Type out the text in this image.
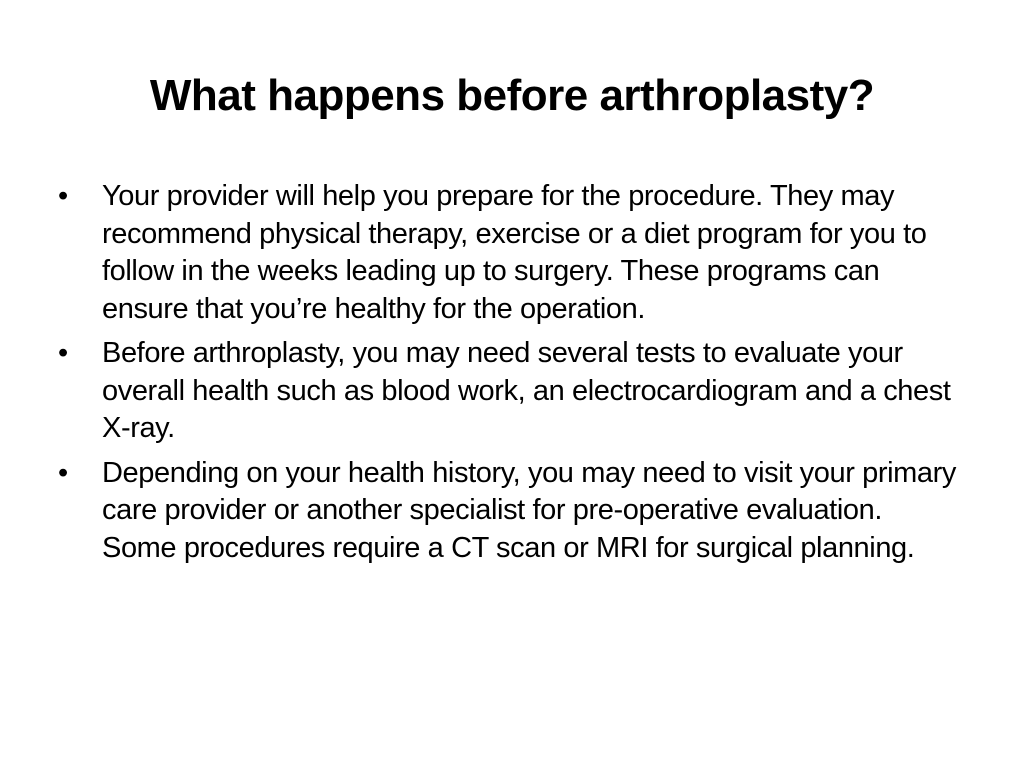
What happens before arthroplasty?
•	Your provider will help you prepare for the procedure. They may recommend physical therapy, exercise or a diet program for you to follow in the weeks leading up to surgery. These programs can ensure that you’re healthy for the operation.
•	Before arthroplasty, you may need several tests to evaluate your overall health such as blood work, an electrocardiogram and a chest X-ray.
•	Depending on your health history, you may need to visit your primary care provider or another specialist for pre-operative evaluation. Some procedures require a CT scan or MRI for surgical planning.
